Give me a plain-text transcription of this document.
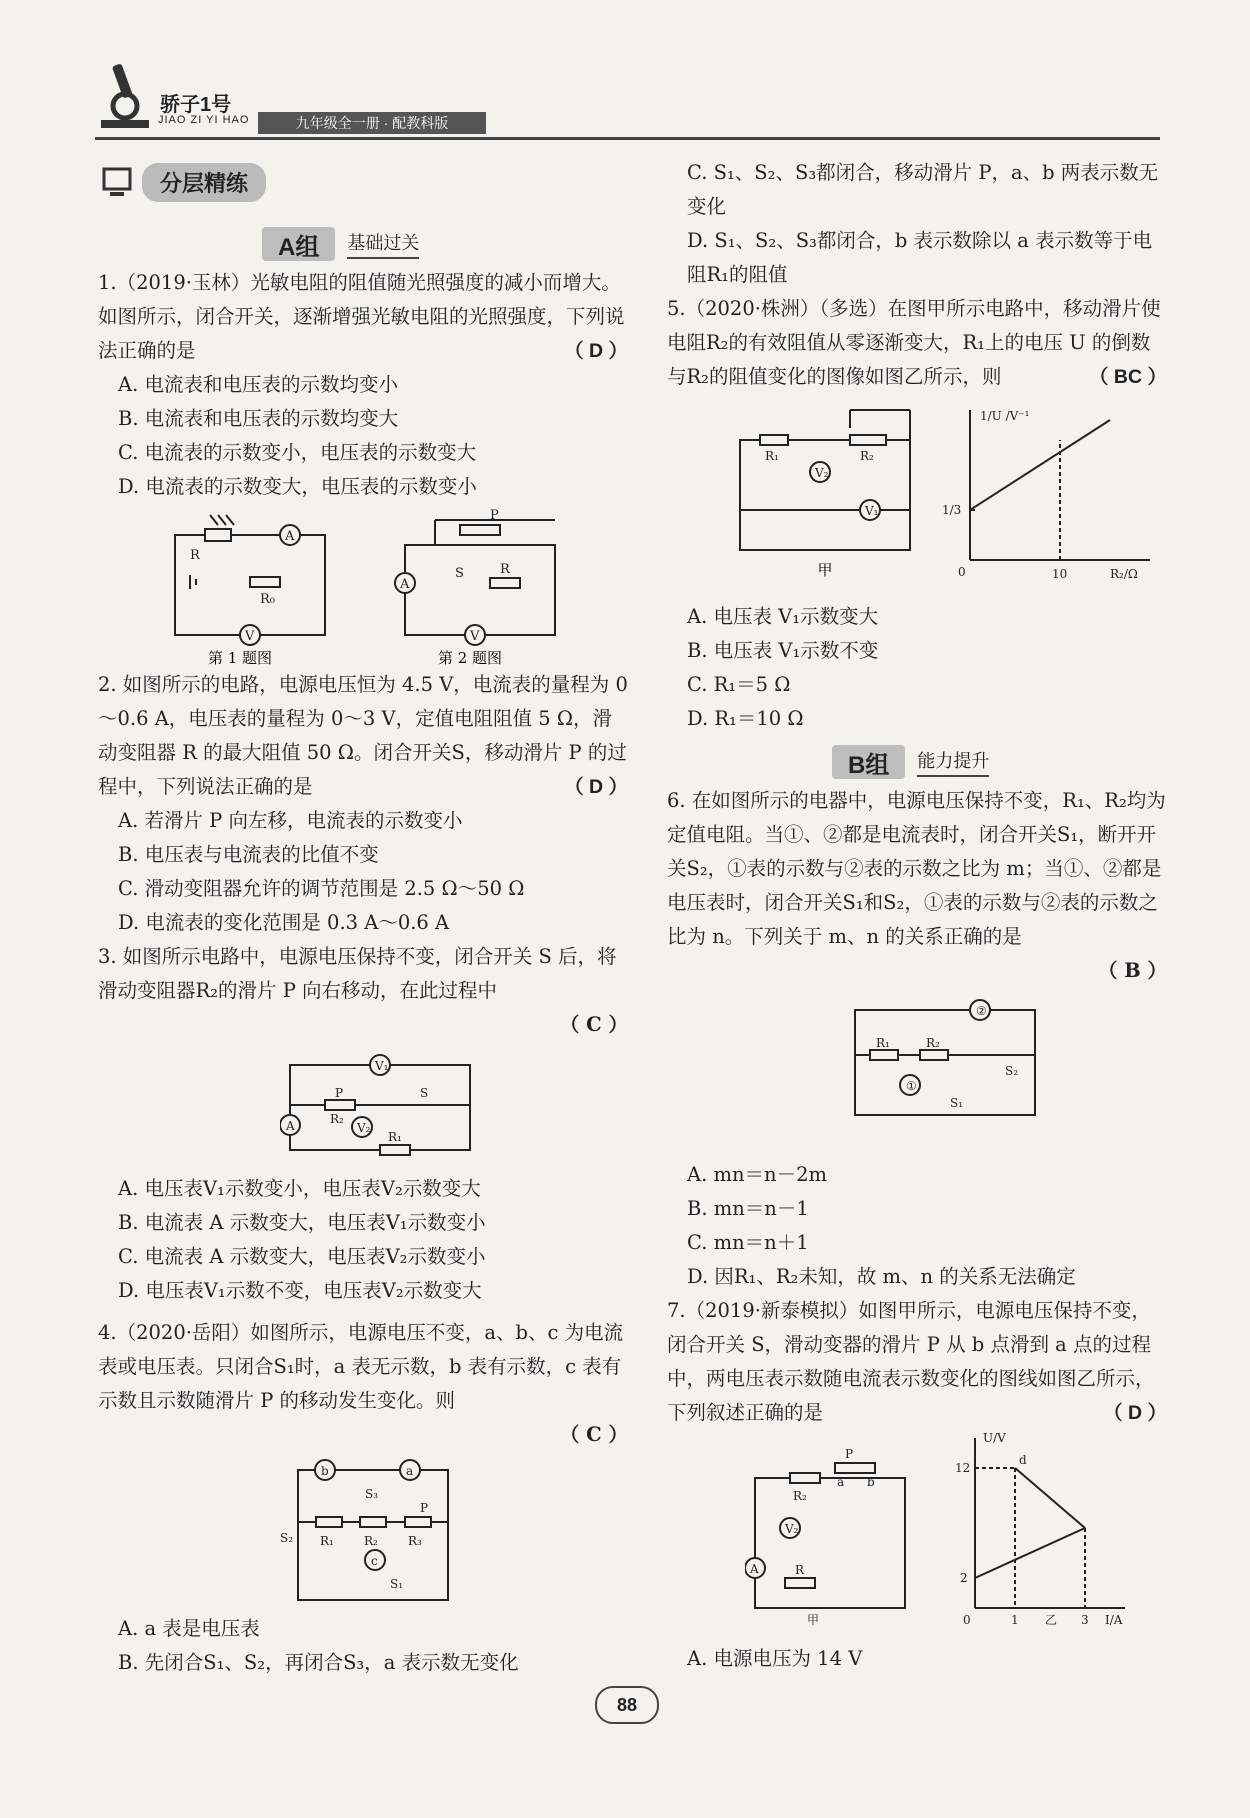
骄子1号
JIAO ZI YI HAO	九年级全一册 · 配教科版
分层精练
A组	基础过关

1.（2019·玉林）光敏电阻的阻值随光照强度的减小而增大。如图所示，闭合开关，逐渐增强光敏电阻的光照强度，下列说法正确的是	（ D ）

A. 电流表和电压表的示数均变小

B. 电流表和电压表的示数均变大

C. 电流表的示数变小，电压表的示数变大

D. 电流表的示数变大，电压表的示数变小

R
A
R₀
V
第 1 题图
P
A
S	R
V
第 2 题图

2. 如图所示的电路，电源电压恒为 4.5 V，电流表的量程为 0～0.6 A，电压表的量程为 0～3 V，定值电阻阻值 5 Ω，滑动变阻器 R 的最大阻值 50 Ω。闭合开关S，移动滑片 P 的过程中，下列说法正确的是	（ D ）

A. 若滑片 P 向左移，电流表的示数变小

B. 电压表与电流表的比值不变

C. 滑动变阻器允许的调节范围是 2.5 Ω～50 Ω

D. 电流表的变化范围是 0.3 A～0.6 A

3. 如图所示电路中，电源电压保持不变，闭合开关 S 后，将滑动变阻器R₂的滑片 P 向右移动，在此过程中

（ C ）

V₁
P
R₂
S
A	V₂
R₁

A. 电压表V₁示数变小，电压表V₂示数变大

B. 电流表 A 示数变大，电压表V₁示数变小

C. 电流表 A 示数变大，电压表V₂示数变小

D. 电压表V₁示数不变，电压表V₂示数变大

4.（2020·岳阳）如图所示，电源电压不变，a、b、c 为电流表或电压表。只闭合S₁时，a 表无示数，b 表有示数，c 表有示数且示数随滑片 P 的移动发生变化。则

（ C ）

b	a
S₃
R₁	R₂	R₃
P
S₂
c
S₁

A. a 表是电压表

B. 先闭合S₁、S₂，再闭合S₃，a 表示数无变化

C. S₁、S₂、S₃都闭合，移动滑片 P，a、b 两表示数无变化

D. S₁、S₂、S₃都闭合，b 表示数除以 a 表示数等于电阻R₁的阻值

5.（2020·株洲）（多选）在图甲所示电路中，移动滑片使电阻R₂的有效阻值从零逐渐变大，R₁上的电压 U 的倒数与R₂的阻值变化的图像如图乙所示，则	（ BC ）

R₁
V₂
R₂
V₁
甲
1/U /V⁻¹
R₂/Ω
1/3
10
0

A. 电压表 V₁示数变大

B. 电压表 V₁示数不变

C. R₁＝5 Ω

D. R₁＝10 Ω

B组	能力提升

6. 在如图所示的电器中，电源电压保持不变，R₁、R₂均为定值电阻。当①、②都是电流表时，闭合开关S₁，断开开关S₂，①表的示数与②表的示数之比为 m；当①、②都是电压表时，闭合开关S₁和S₂，①表的示数与②表的示数之比为 n。下列关于 m、n 的关系正确的是

（ B ）

②
R₁	R₂
S₂
①
S₁

A. mn＝n－2m

B. mn＝n－1

C. mn＝n＋1

D. 因R₁、R₂未知，故 m、n 的关系无法确定

7.（2019·新泰模拟）如图甲所示，电源电压保持不变，闭合开关 S，滑动变器的滑片 P 从 b 点滑到 a 点的过程中，两电压表示数随电流表示数变化的图线如图乙所示，下列叙述正确的是	（ D ）

P
a b
R₂
V₂
A	R
甲
U/V
I/A
12
2
1	3
0
d
乙

A. 电源电压为 14 V

88
